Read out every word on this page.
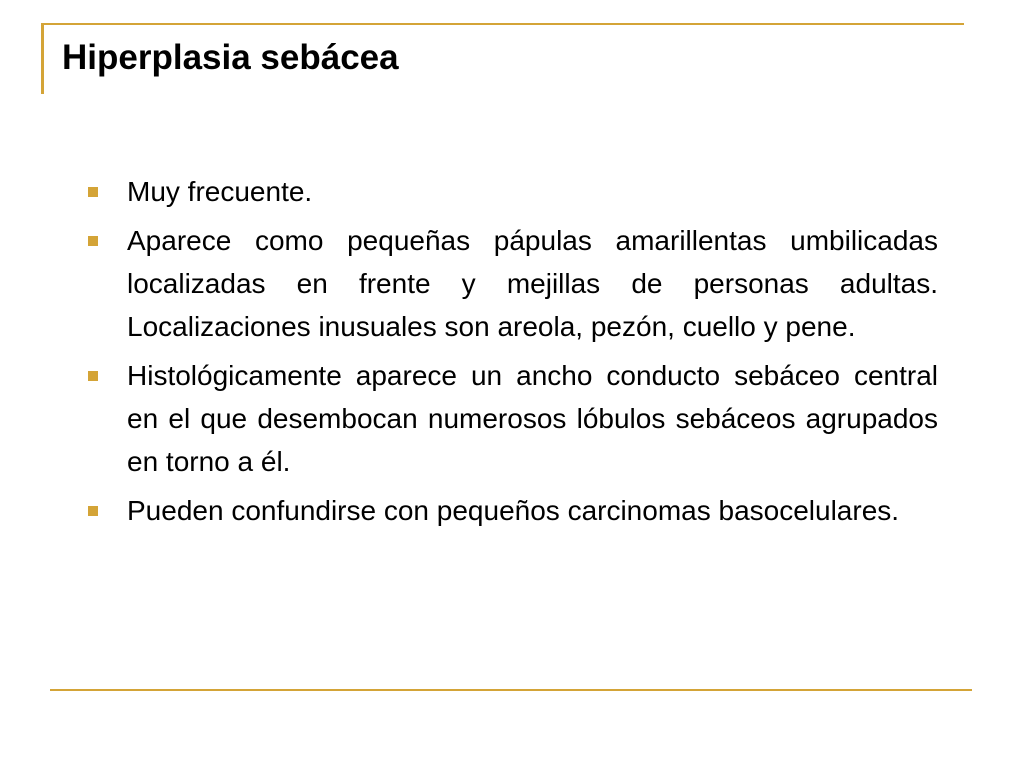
Hiperplasia sebácea
Muy frecuente.
Aparece como pequeñas pápulas amarillentas umbilicadas localizadas en frente y mejillas de personas adultas. Localizaciones inusuales son areola, pezón, cuello y pene.
Histológicamente aparece un ancho conducto sebáceo central en el que desembocan numerosos lóbulos sebáceos agrupados en torno a él.
Pueden confundirse con pequeños carcinomas basocelulares.
